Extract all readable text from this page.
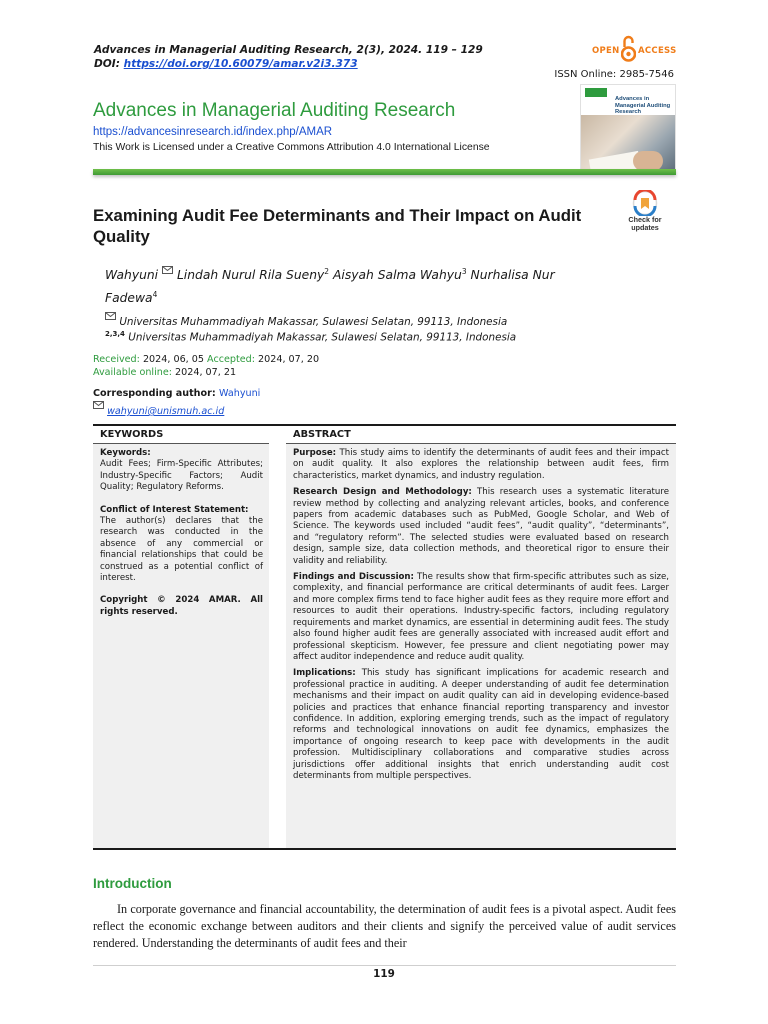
Advances in Managerial Auditing Research, 2(3), 2024. 119 – 129
DOI: https://doi.org/10.60079/amar.v2i3.373
OPEN ACCESS
ISSN Online: 2985-7546
Advances in Managerial Auditing Research
https://advancesinresearch.id/index.php/AMAR
This Work is Licensed under a Creative Commons Attribution 4.0 International License
Advances in Managerial Auditing Research
Examining Audit Fee Determinants and Their Impact on Audit Quality
Check for updates
Wahyuni Lindah Nurul Rila Sueny$^2$ Aisyah Salma Wahyu$^3$ Nurhalisa Nur Fadewa$^4$
Universitas Muhammadiyah Makassar, Sulawesi Selatan, 99113, Indonesia
$^{2,3,4}$ Universitas Muhammadiyah Makassar, Sulawesi Selatan, 99113, Indonesia
Received: 2024, 06, 05 Accepted: 2024, 07, 20
Available online: 2024, 07, 21
Corresponding author: Wahyuni
wahyuni@unismuh.ac.id
KEYWORDS
Keywords:
Audit Fees; Firm-Specific Attributes; Industry-Specific Factors; Audit Quality; Regulatory Reforms.
Conflict of Interest Statement:
The author(s) declares that the research was conducted in the absence of any commercial or financial relationships that could be construed as a potential conflict of interest.
Copyright © 2024 AMAR. All rights reserved.
ABSTRACT

Purpose: This study aims to identify the determinants of audit fees and their impact on audit quality. It also explores the relationship between audit fees, firm characteristics, market dynamics, and industry regulation.

Research Design and Methodology: This research uses a systematic literature review method by collecting and analyzing relevant articles, books, and conference papers from academic databases such as PubMed, Google Scholar, and Web of Science. The keywords used included “audit fees”, “audit quality”, “determinants”, and “regulatory reform”. The selected studies were evaluated based on research design, sample size, data collection methods, and theoretical rigor to ensure their validity and reliability.

Findings and Discussion: The results show that firm-specific attributes such as size, complexity, and financial performance are critical determinants of audit fees. Larger and more complex firms tend to face higher audit fees as they require more effort and resources to audit their operations. Industry-specific factors, including regulatory requirements and market dynamics, are essential in determining audit fees. The study also found higher audit fees are generally associated with increased audit effort and professional skepticism. However, fee pressure and client negotiating power may affect auditor independence and reduce audit quality.

Implications: This study has significant implications for academic research and professional practice in auditing. A deeper understanding of audit fee determination mechanisms and their impact on audit quality can aid in developing evidence-based policies and practices that enhance financial reporting transparency and investor confidence. In addition, exploring emerging trends, such as the impact of regulatory reforms and technological innovations on audit fee dynamics, emphasizes the importance of ongoing research to keep pace with developments in the audit profession. Multidisciplinary collaborations and comparative studies across jurisdictions offer additional insights that enrich understanding audit cost determinants from multiple perspectives.

Introduction
In corporate governance and financial accountability, the determination of audit fees is a pivotal aspect. Audit fees reflect the economic exchange between auditors and their clients and signify the perceived value of audit services rendered. Understanding the determinants of audit fees and their
119
